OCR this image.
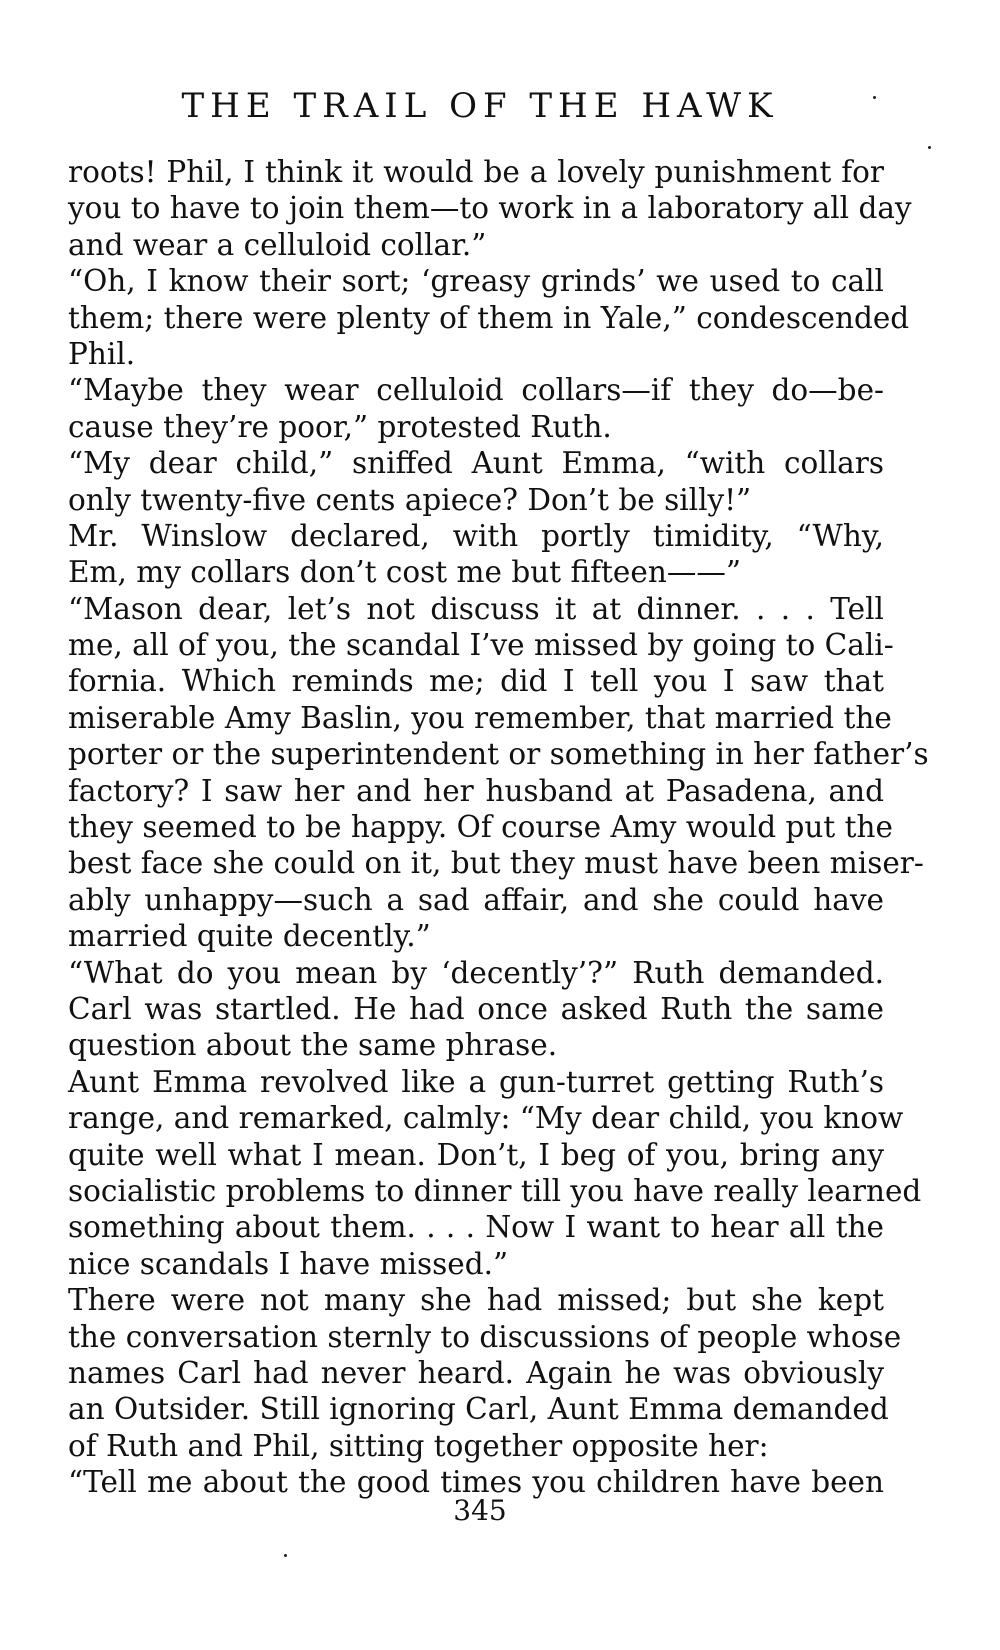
THE TRAIL OF THE HAWK
roots! Phil, I think it would be a lovely punishment for
you to have to join them—to work in a laboratory all day
and wear a celluloid collar.”
“Oh, I know their sort; ‘greasy grinds’ we used to call
them; there were plenty of them in Yale,” condescended
Phil.
“Maybe they wear celluloid collars—if they do—be-
cause they’re poor,” protested Ruth.
“My dear child,” sniffed Aunt Emma, “with collars
only twenty-five cents apiece? Don’t be silly!”
Mr. Winslow declared, with portly timidity, “Why,
Em, my collars don’t cost me but fifteen——”
“Mason dear, let’s not discuss it at dinner. . . . Tell
me, all of you, the scandal I’ve missed by going to Cali-
fornia. Which reminds me; did I tell you I saw that
miserable Amy Baslin, you remember, that married the
porter or the superintendent or something in her father’s
factory? I saw her and her husband at Pasadena, and
they seemed to be happy. Of course Amy would put the
best face she could on it, but they must have been miser-
ably unhappy—such a sad affair, and she could have
married quite decently.”
“What do you mean by ‘decently’?” Ruth demanded.
Carl was startled. He had once asked Ruth the same
question about the same phrase.
Aunt Emma revolved like a gun-turret getting Ruth’s
range, and remarked, calmly: “My dear child, you know
quite well what I mean. Don’t, I beg of you, bring any
socialistic problems to dinner till you have really learned
something about them. . . . Now I want to hear all the
nice scandals I have missed.”
There were not many she had missed; but she kept
the conversation sternly to discussions of people whose
names Carl had never heard. Again he was obviously
an Outsider. Still ignoring Carl, Aunt Emma demanded
of Ruth and Phil, sitting together opposite her:
“Tell me about the good times you children have been
345
